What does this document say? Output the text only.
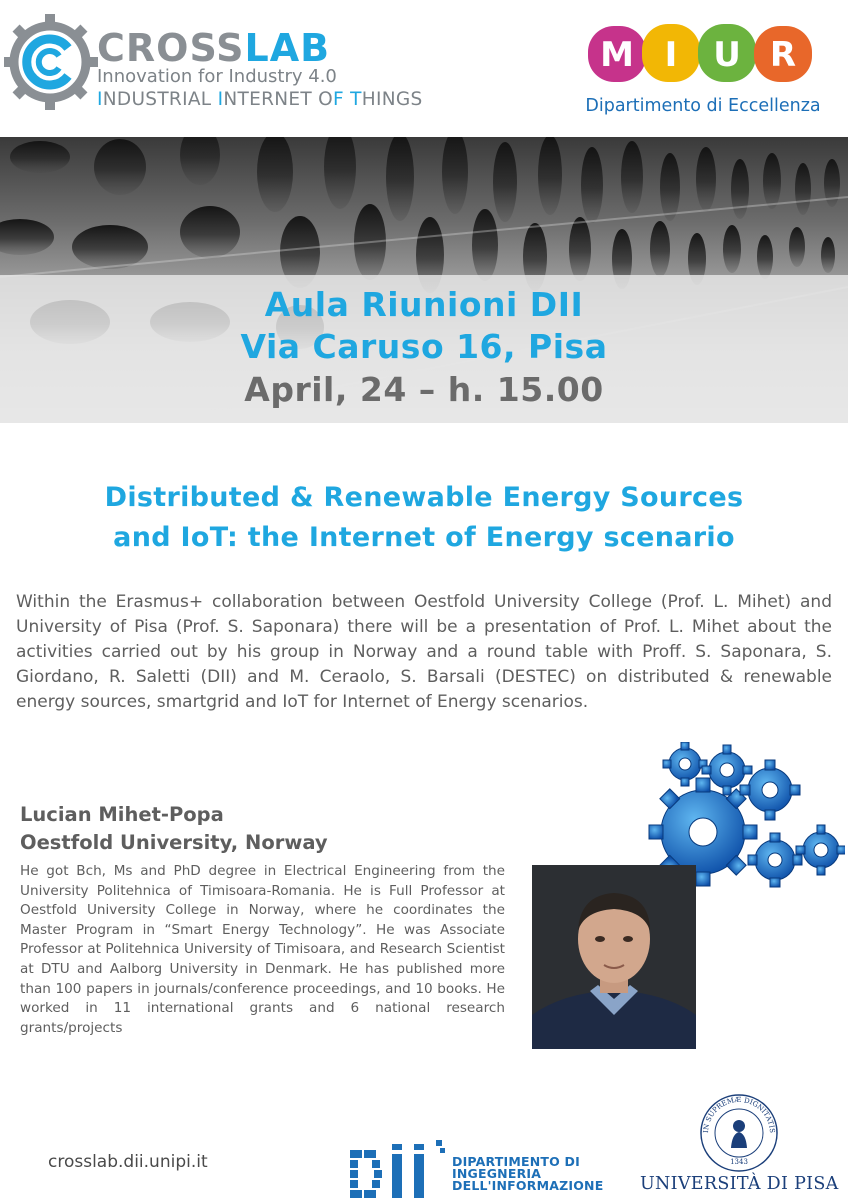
CROSSLAB
Innovation for Industry 4.0
INDUSTRIAL INTERNET OF THINGS
M I U R
Dipartimento di Eccellenza
Aula Riunioni DII
Via Caruso 16, Pisa
April, 24 – h. 15.00
Distributed & Renewable Energy Sources
and IoT: the Internet of Energy scenario
Within the Erasmus+ collaboration between Oestfold University College (Prof. L. Mihet) and University of Pisa (Prof. S. Saponara) there will be a presentation of Prof. L. Mihet about the activities carried out by his group in Norway and a round table with Proff. S. Saponara, S. Giordano, R. Saletti (DII) and M. Ceraolo, S. Barsali (DESTEC) on distributed & renewable energy sources, smartgrid and IoT for Internet of Energy scenarios.
Lucian Mihet-Popa
Oestfold University, Norway
He got Bch, Ms and PhD degree in Electrical Engineering from the University Politehnica of Timisoara-Romania. He is Full Professor at Oestfold University College in Norway, where he coordinates the Master Program in “Smart Energy Technology”. He was Associate Professor at Politehnica University of Timisoara, and Research Scientist at DTU and Aalborg University in Denmark. He has published more than 100 papers in journals/conference proceedings, and 10 books. He worked in 11 international grants and 6 national research grants/projects
crosslab.dii.unipi.it	DIPARTIMENTO DI
INGEGNERIA
DELL'INFORMAZIONE
IN SUPREMÆ DIGNITATIS
1343
UNIVERSITÀ DI PISA
